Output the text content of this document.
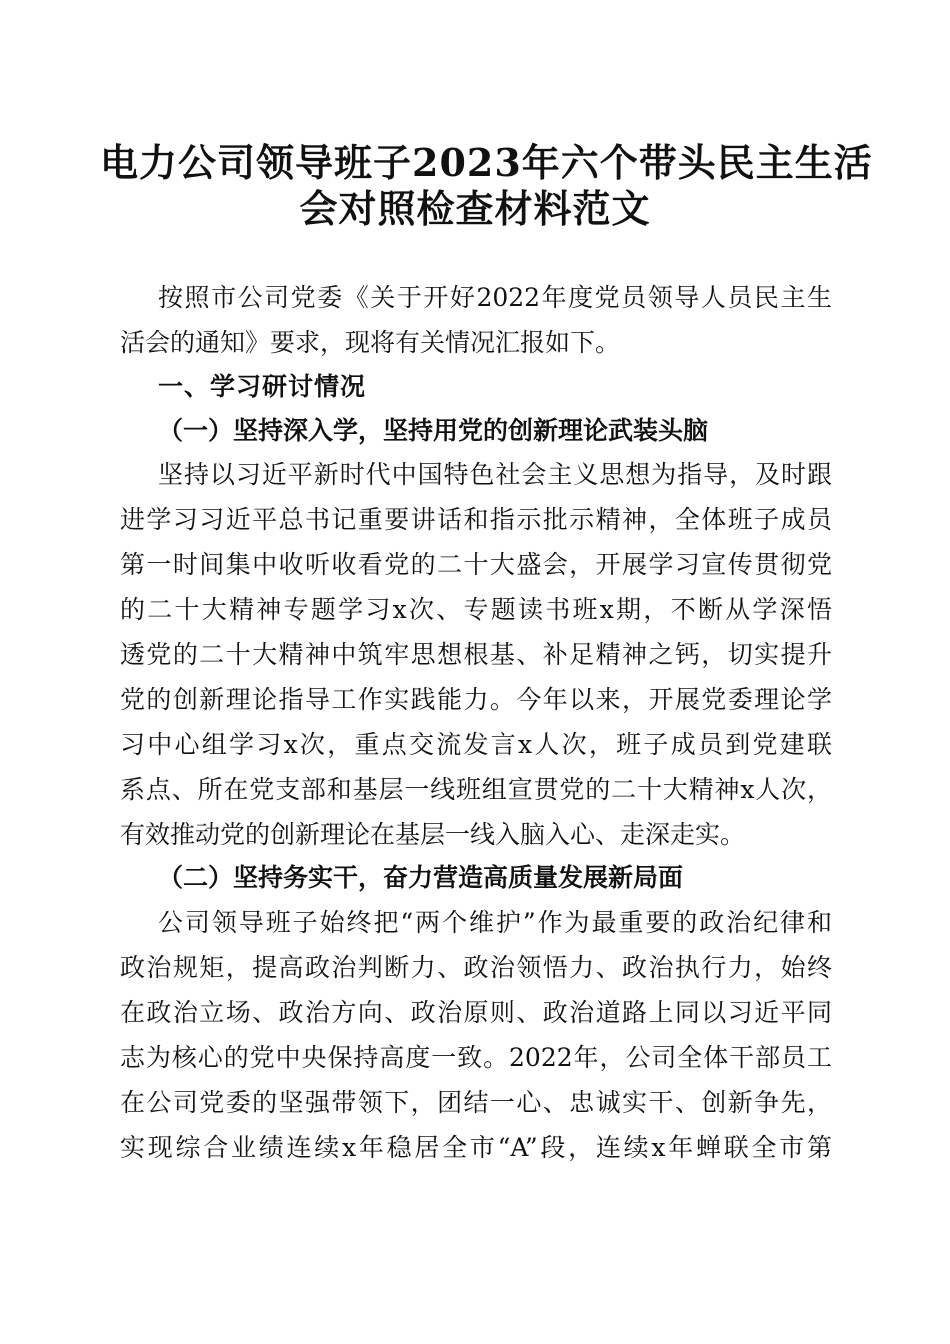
电力公司领导班子2023年六个带头民主生活
会对照检查材料范文
按照市公司党委《关于开好2022年度党员领导人员民主生
活会的通知》要求，现将有关情况汇报如下。
一、学习研讨情况
（一）坚持深入学，坚持用党的创新理论武装头脑
坚持以习近平新时代中国特色社会主义思想为指导，及时跟
进学习习近平总书记重要讲话和指示批示精神，全体班子成员
第一时间集中收听收看党的二十大盛会，开展学习宣传贯彻党
的二十大精神专题学习x次、专题读书班x期，不断从学深悟
透党的二十大精神中筑牢思想根基、补足精神之钙，切实提升
党的创新理论指导工作实践能力。今年以来，开展党委理论学
习中心组学习x次，重点交流发言x人次，班子成员到党建联
系点、所在党支部和基层一线班组宣贯党的二十大精神x人次，
有效推动党的创新理论在基层一线入脑入心、走深走实。
（二）坚持务实干，奋力营造高质量发展新局面
公司领导班子始终把“两个维护”作为最重要的政治纪律和
政治规矩，提高政治判断力、政治领悟力、政治执行力，始终
在政治立场、政治方向、政治原则、政治道路上同以习近平同
志为核心的党中央保持高度一致。2022年，公司全体干部员工
在公司党委的坚强带领下，团结一心、忠诚实干、创新争先，
实现综合业绩连续x年稳居全市“A”段，连续x年蝉联全市第
